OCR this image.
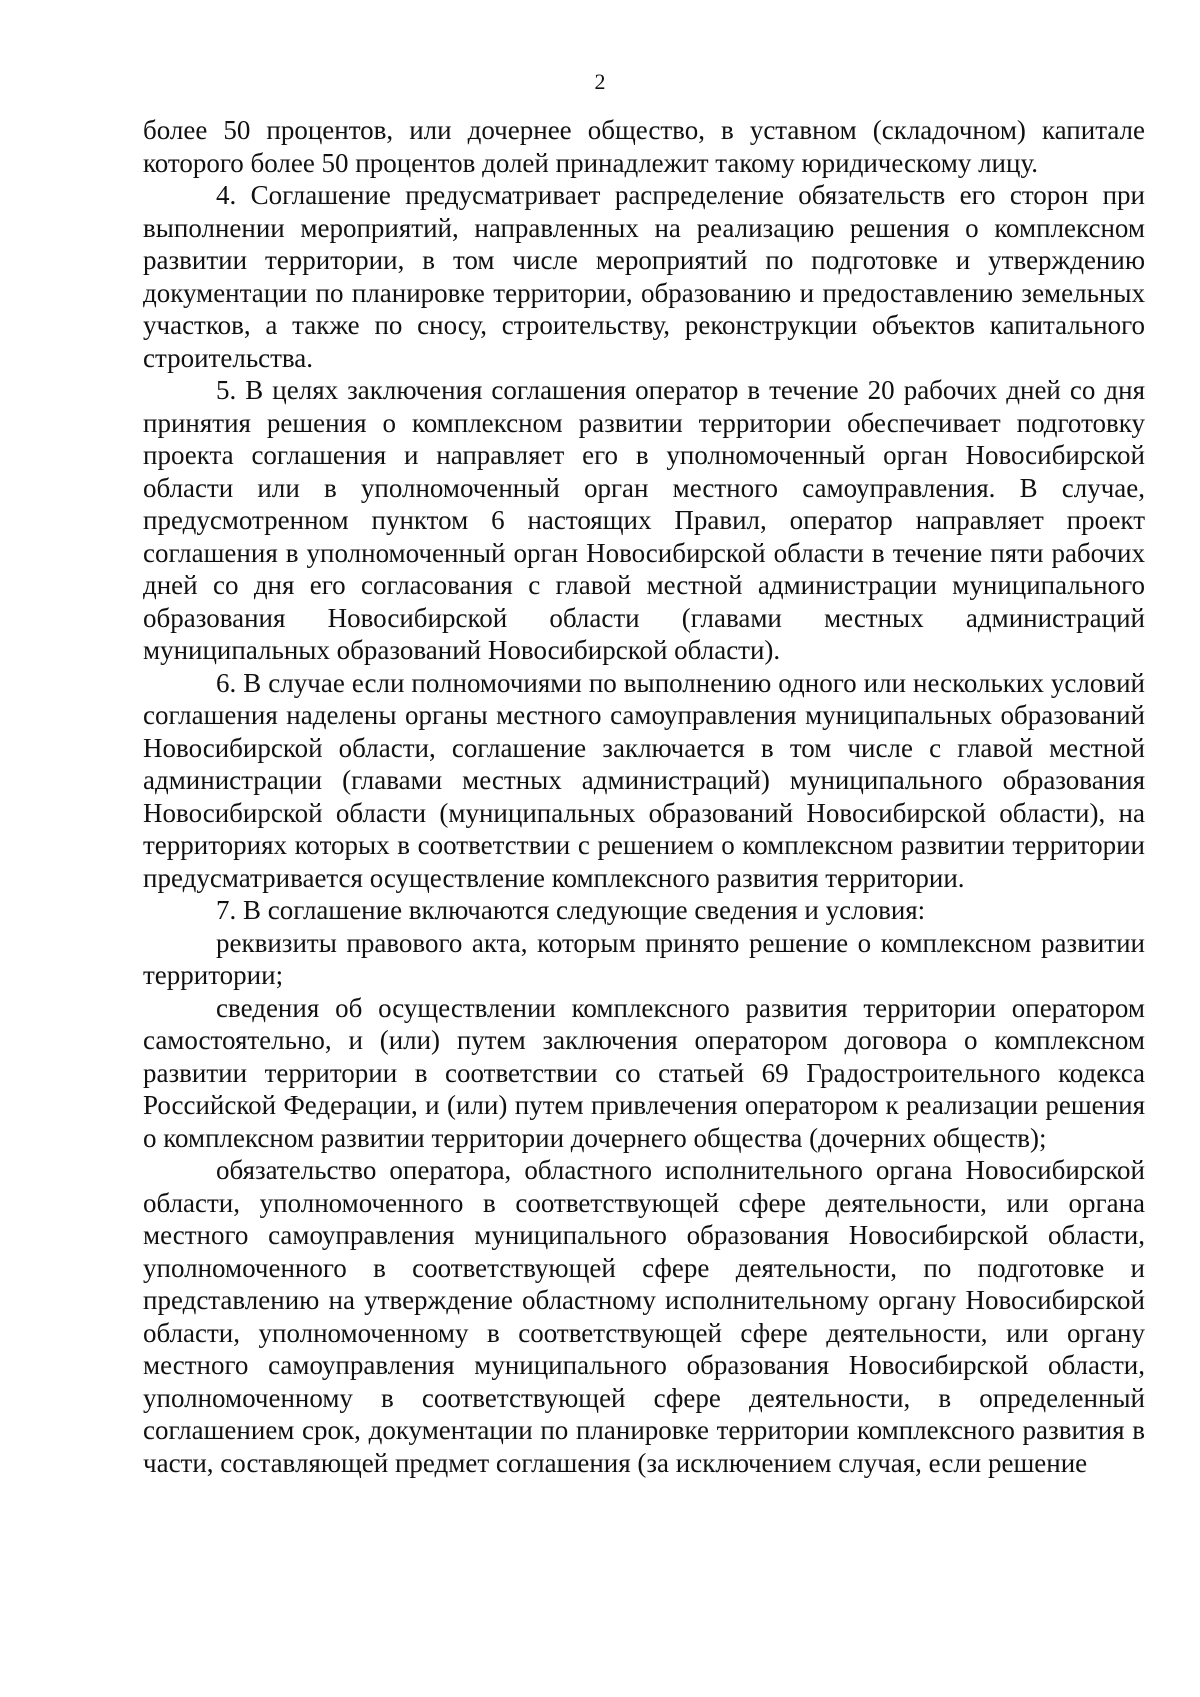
2

более 50 процентов, или дочернее общество, в уставном (складочном) капитале которого более 50 процентов долей принадлежит такому юридическому лицу.

4. Соглашение предусматривает распределение обязательств его сторон при выполнении мероприятий, направленных на реализацию решения о комплексном развитии территории, в том числе мероприятий по подготовке и утверждению документации по планировке территории, образованию и предоставлению земельных участков, а также по сносу, строительству, реконструкции объектов капитального строительства.

5. В целях заключения соглашения оператор в течение 20 рабочих дней со дня принятия решения о комплексном развитии территории обеспечивает подготовку проекта соглашения и направляет его в уполномоченный орган Новосибирской области или в уполномоченный орган местного самоуправления. В случае, предусмотренном пунктом 6 настоящих Правил, оператор направляет проект соглашения в уполномоченный орган Новосибирской области в течение пяти рабочих дней со дня его согласования с главой местной администрации муниципального образования Новосибирской области (главами местных администраций муниципальных образований Новосибирской области).

6. В случае если полномочиями по выполнению одного или нескольких условий соглашения наделены органы местного самоуправления муниципальных образований Новосибирской области, соглашение заключается в том числе с главой местной администрации (главами местных администраций) муниципального образования Новосибирской области (муниципальных образований Новосибирской области), на территориях которых в соответствии с решением о комплексном развитии территории предусматривается осуществление комплексного развития территории.

7. В соглашение включаются следующие сведения и условия:

реквизиты правового акта, которым принято решение о комплексном развитии территории;

сведения об осуществлении комплексного развития территории оператором самостоятельно, и (или) путем заключения оператором договора о комплексном развитии территории в соответствии со статьей 69 Градостроительного кодекса Российской Федерации, и (или) путем привлечения оператором к реализации решения о комплексном развитии территории дочернего общества (дочерних обществ);

обязательство оператора, областного исполнительного органа Новосибирской области, уполномоченного в соответствующей сфере деятельности, или органа местного самоуправления муниципального образования Новосибирской области, уполномоченного в соответствующей сфере деятельности, по подготовке и представлению на утверждение областному исполнительному органу Новосибирской области, уполномоченному в соответствующей сфере деятельности, или органу местного самоуправления муниципального образования Новосибирской области, уполномоченному в соответствующей сфере деятельности, в определенный соглашением срок, документации по планировке территории комплексного развития в части, составляющей предмет соглашения (за исключением случая, если решение
